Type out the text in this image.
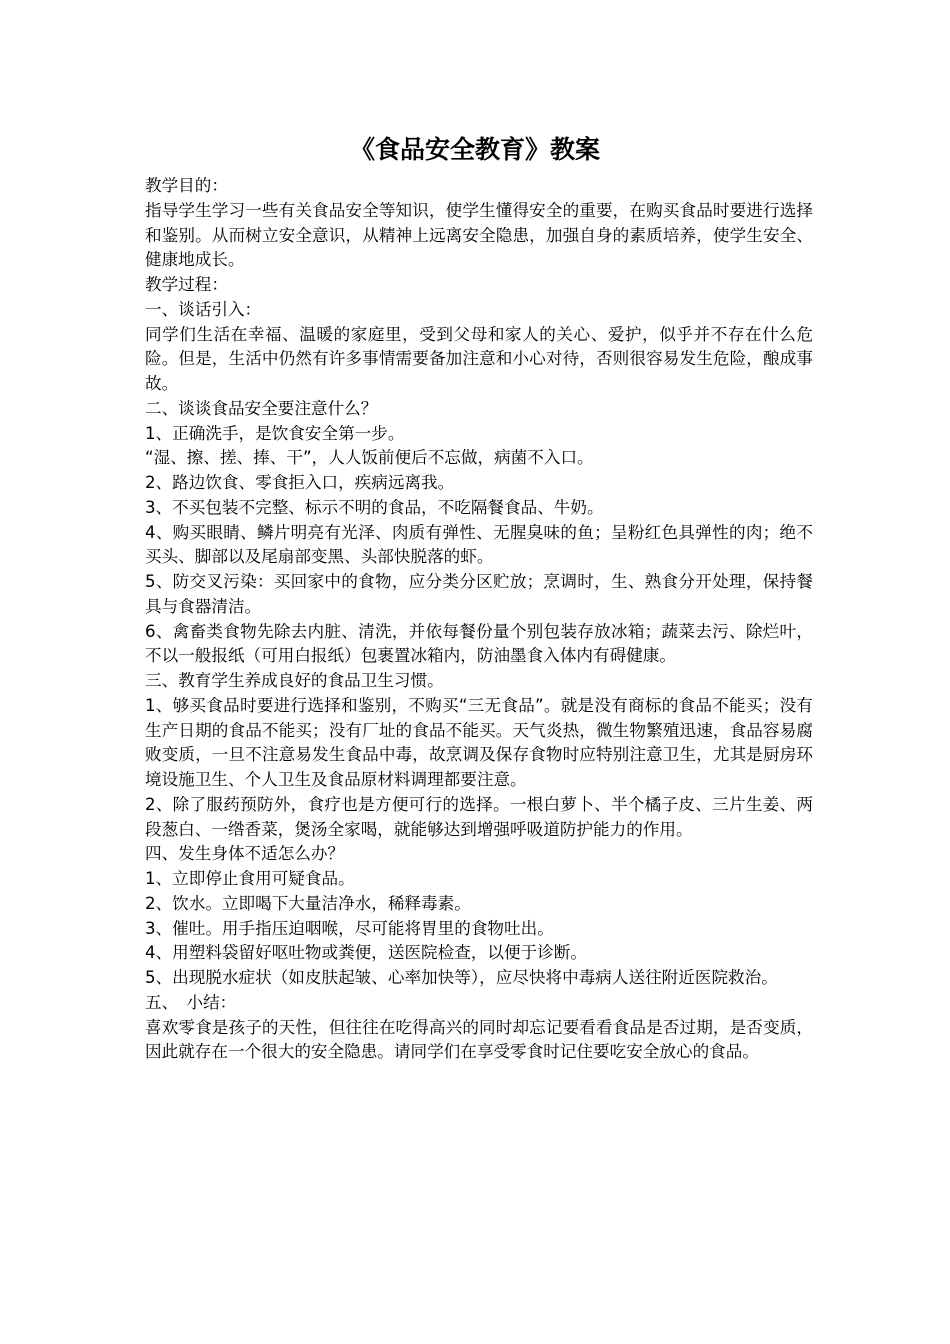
《食品安全教育》教案

教学目的：

指导学生学习一些有关食品安全等知识，使学生懂得安全的重要，在购买食品时要进行选择和鉴别。从而树立安全意识，从精神上远离安全隐患，加强自身的素质培养，使学生安全、健康地成长。

教学过程：

一、谈话引入：

同学们生活在幸福、温暖的家庭里，受到父母和家人的关心、爱护，似乎并不存在什么危险。但是，生活中仍然有许多事情需要备加注意和小心对待，否则很容易发生危险，酿成事故。

二、谈谈食品安全要注意什么？

1、正确洗手，是饮食安全第一步。

“湿、擦、搓、捧、干”，人人饭前便后不忘做，病菌不入口。

2、路边饮食、零食拒入口，疾病远离我。

3、不买包装不完整、标示不明的食品，不吃隔餐食品、牛奶。

4、购买眼睛、鳞片明亮有光泽、肉质有弹性、无腥臭味的鱼；呈粉红色具弹性的肉；绝不买头、脚部以及尾扇部变黑、头部快脱落的虾。

5、防交叉污染：买回家中的食物，应分类分区贮放；烹调时，生、熟食分开处理，保持餐具与食器清洁。

6、禽畜类食物先除去内脏、清洗，并依每餐份量个别包装存放冰箱；蔬菜去污、除烂叶，不以一般报纸（可用白报纸）包裹置冰箱内，防油墨食入体内有碍健康。

三、教育学生养成良好的食品卫生习惯。

1、够买食品时要进行选择和鉴别，不购买“三无食品”。就是没有商标的食品不能买；没有生产日期的食品不能买；没有厂址的食品不能买。天气炎热，微生物繁殖迅速，食品容易腐败变质，一旦不注意易发生食品中毒，故烹调及保存食物时应特别注意卫生，尤其是厨房环境设施卫生、个人卫生及食品原材料调理都要注意。

2、除了服药预防外，食疗也是方便可行的选择。一根白萝卜、半个橘子皮、三片生姜、两段葱白、一绺香菜，煲汤全家喝，就能够达到增强呼吸道防护能力的作用。

四、发生身体不适怎么办？

1、立即停止食用可疑食品。

2、饮水。立即喝下大量洁净水，稀释毒素。

3、催吐。用手指压迫咽喉，尽可能将胃里的食物吐出。

4、用塑料袋留好呕吐物或粪便，送医院检查，以便于诊断。

5、出现脱水症状（如皮肤起皱、心率加快等），应尽快将中毒病人送往附近医院救治。

五、　小结：

喜欢零食是孩子的天性，但往往在吃得高兴的同时却忘记要看看食品是否过期，是否变质，因此就存在一个很大的安全隐患。请同学们在享受零食时记住要吃安全放心的食品。
